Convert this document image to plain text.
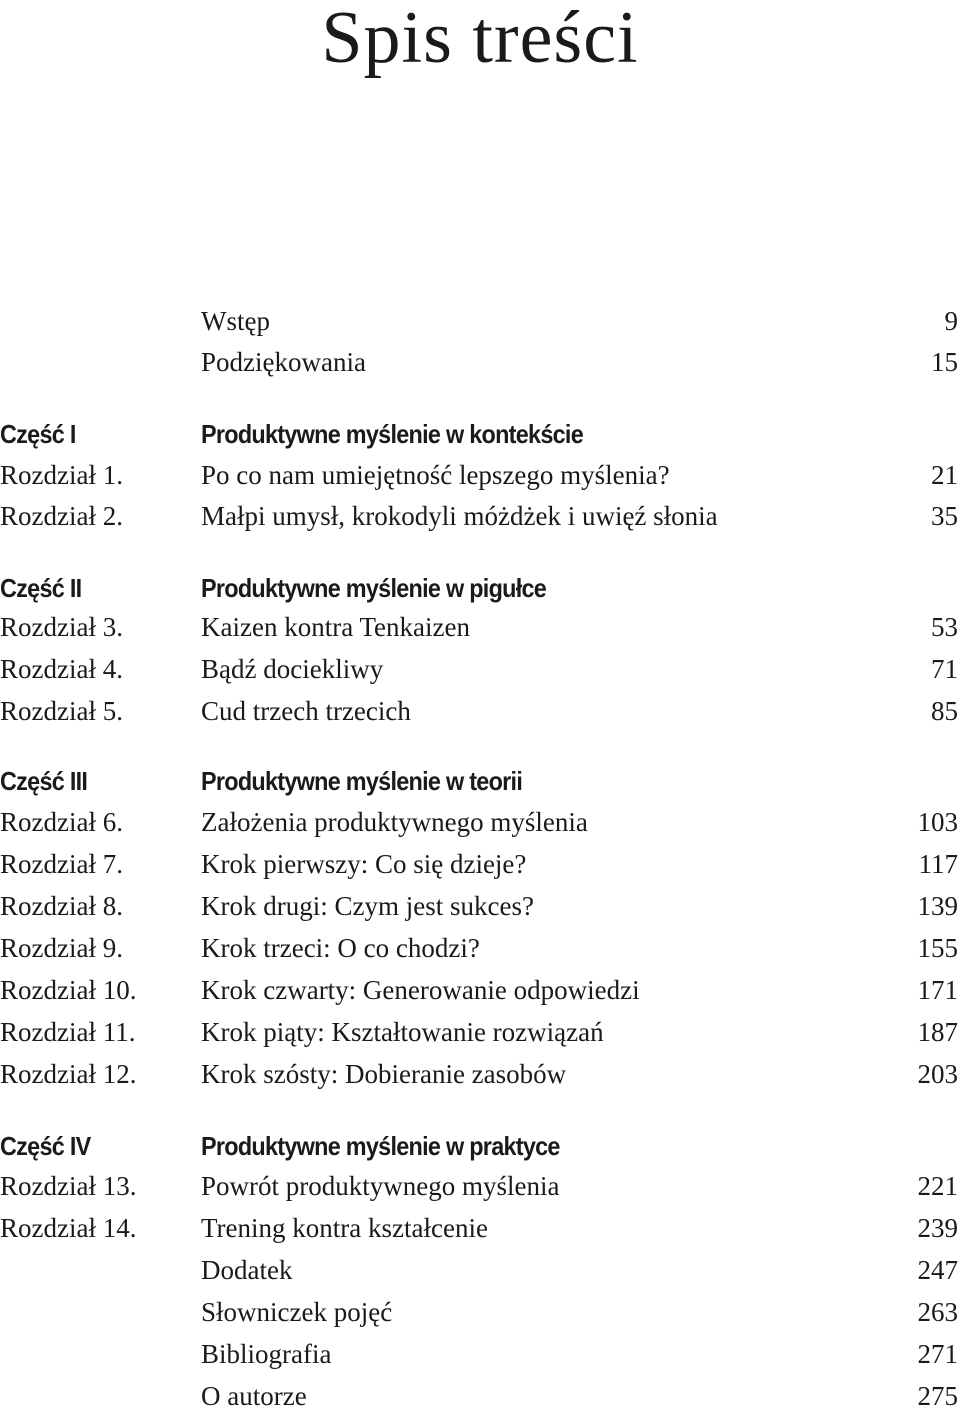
Spis treści
Wstęp	9
Podziękowania	15
Część I	Produktywne myślenie w kontekście
Rozdział 1.	Po co nam umiejętność lepszego myślenia?	21
Rozdział 2.	Małpi umysł, krokodyli móżdżek i uwięź słonia	35
Część II	Produktywne myślenie w pigułce
Rozdział 3.	Kaizen kontra Tenkaizen	53
Rozdział 4.	Bądź dociekliwy	71
Rozdział 5.	Cud trzech trzecich	85
Część III	Produktywne myślenie w teorii
Rozdział 6.	Założenia produktywnego myślenia	103
Rozdział 7.	Krok pierwszy: Co się dzieje?	117
Rozdział 8.	Krok drugi: Czym jest sukces?	139
Rozdział 9.	Krok trzeci: O co chodzi?	155
Rozdział 10. Krok czwarty: Generowanie odpowiedzi	171
Rozdział 11. Krok piąty: Kształtowanie rozwiązań	187
Rozdział 12. Krok szósty: Dobieranie zasobów	203
Część IV	Produktywne myślenie w praktyce
Rozdział 13. Powrót produktywnego myślenia	221
Rozdział 14. Trening kontra kształcenie	239
Dodatek	247
Słowniczek pojęć	263
Bibliografia	271
O autorze	275
